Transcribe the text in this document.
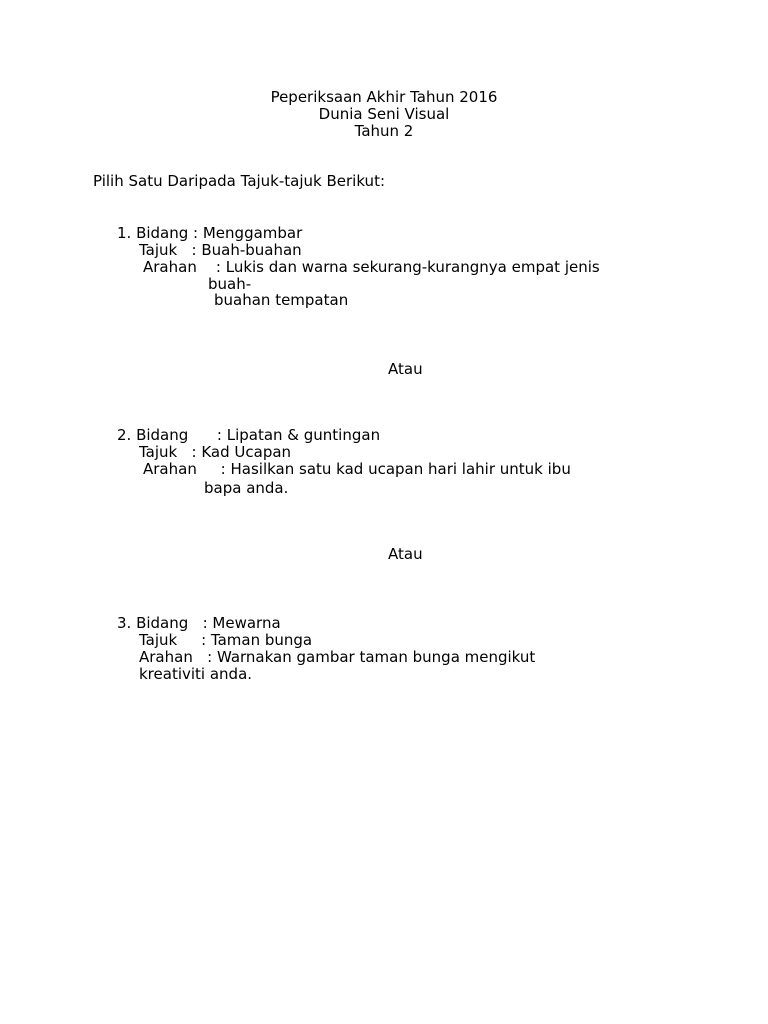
Peperiksaan Akhir Tahun 2016
Dunia Seni Visual
Tahun 2
Pilih Satu Daripada Tajuk-tajuk Berikut:
1. Bidang : Menggambar
Tajuk   : Buah-buahan
Arahan    : Lukis dan warna sekurang-kurangnya empat jenis
buah-
buahan tempatan
Atau
2. Bidang      : Lipatan & guntingan
Tajuk   : Kad Ucapan
Arahan     : Hasilkan satu kad ucapan hari lahir untuk ibu
bapa anda.
Atau
3. Bidang   : Mewarna
Tajuk     : Taman bunga
Arahan   : Warnakan gambar taman bunga mengikut
kreativiti anda.
